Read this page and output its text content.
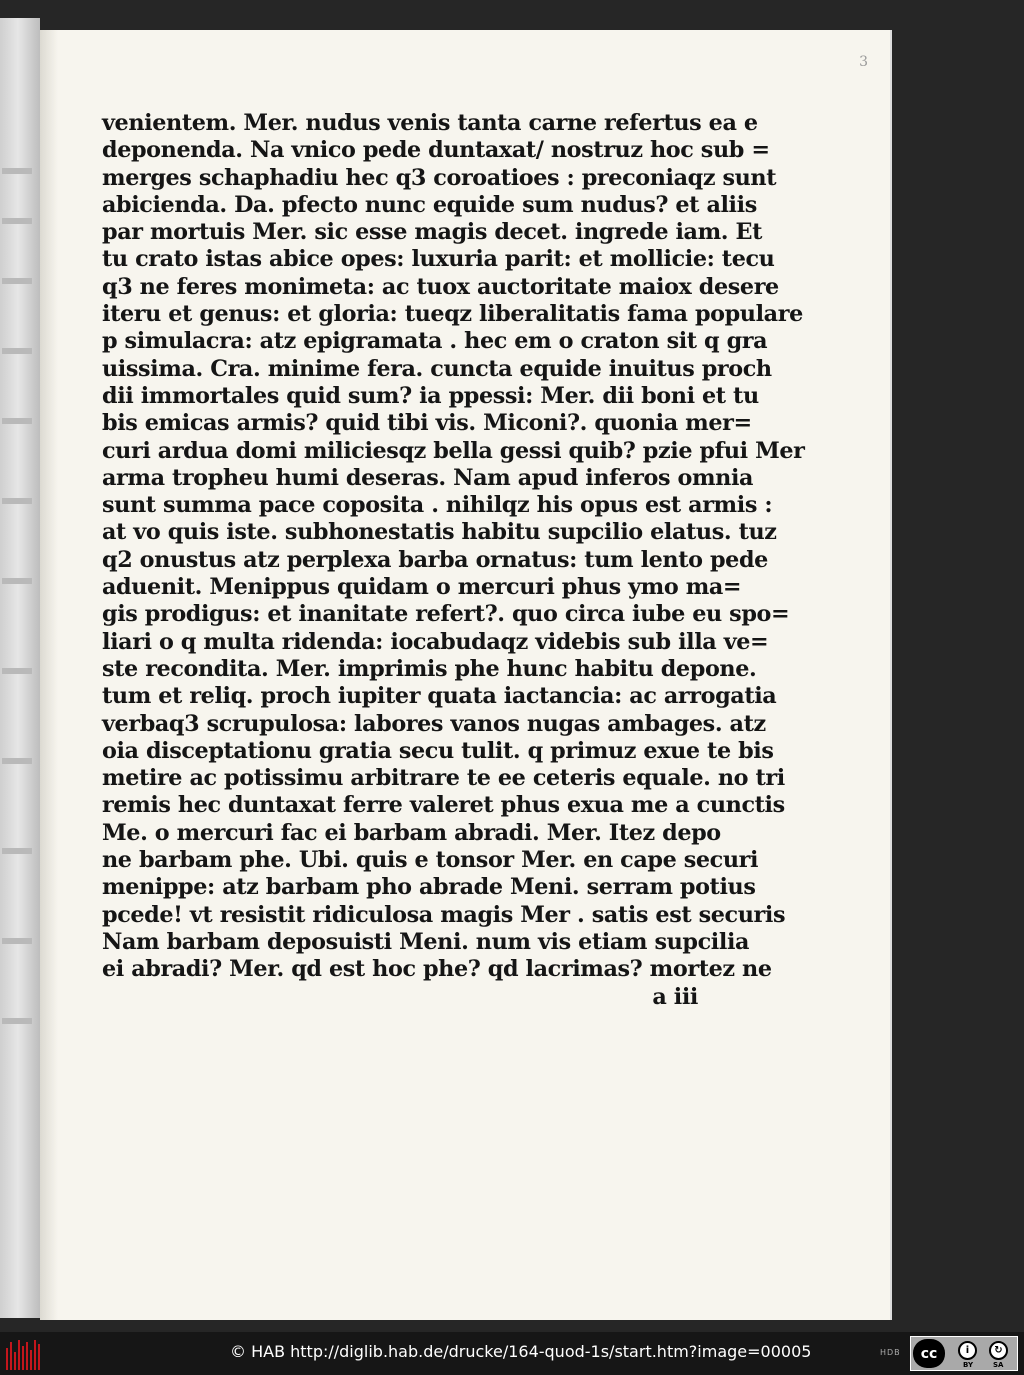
3
venientem. Mer. nudus venis tanta carne refertus ea e
deponenda. Na vnico pede duntaxat/ nostruz hoc sub =
merges schaphadiu hec q3 coroatioes : preconiaqz sunt
abicienda. Da. pfecto nunc equide sum nudus? et aliis
par mortuis Mer. sic esse magis decet. ingrede iam. Et
tu crato istas abice opes: luxuria parit: et mollicie: tecu
q3 ne feres monimeta: ac tuox auctoritate maiox desere
iteru et genus: et gloria: tueqz liberalitatis fama populare
p simulacra: atz epigramata . hec em o craton sit q gra
uissima. Cra. minime fera. cuncta equide inuitus proch
dii immortales quid sum? ia ppessi: Mer. dii boni et tu
bis emicas armis? quid tibi vis. Miconi?. quonia mer=
curi ardua domi miliciesqz bella gessi quib? pzie pfui Mer
arma tropheu humi deseras. Nam apud inferos omnia
sunt summa pace coposita . nihilqz his opus est armis :
at vo quis iste. subhonestatis habitu supcilio elatus. tuz
q2 onustus atz perplexa barba ornatus: tum lento pede
aduenit. Menippus quidam o mercuri phus ymo ma=
gis prodigus: et inanitate refert?. quo circa iube eu spo=
liari o q multa ridenda: iocabudaqz videbis sub illa ve=
ste recondita. Mer. imprimis phe hunc habitu depone.
tum et reliq. proch iupiter quata iactancia: ac arrogatia
verbaq3 scrupulosa: labores vanos nugas ambages. atz
oia disceptationu gratia secu tulit. q primuz exue te bis
metire ac potissimu arbitrare te ee ceteris equale. no tri
remis hec duntaxat ferre valeret phus exua me a cunctis
Me. o mercuri fac ei barbam abradi. Mer. Itez depo
ne barbam phe. Ubi. quis e tonsor Mer. en cape securi
menippe: atz barbam pho abrade Meni. serram potius
pcede! vt resistit ridiculosa magis Mer . satis est securis
Nam barbam deposuisti Meni. num vis etiam supcilia
ei abradi? Mer. qd est hoc phe? qd lacrimas? mortez ne
a iii
© HAB http://diglib.hab.de/drucke/164-quod-1s/start.htm?image=00005	HDB	cc	i
BY
↻
SA
